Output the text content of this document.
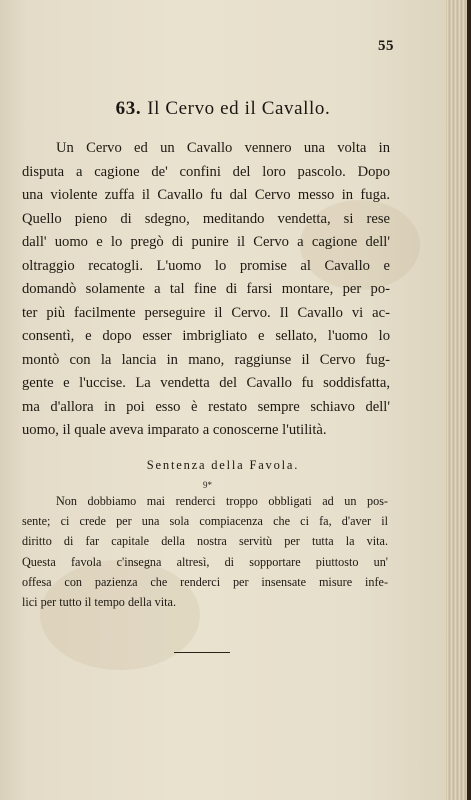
55
63. Il Cervo ed il Cavallo.
Un Cervo ed un Cavallo vennero una volta in
disputa a cagione de' confini del loro pascolo. Dopo
una violente zuffa il Cavallo fu dal Cervo messo in fuga.
Quello pieno di sdegno, meditando vendetta, si rese
dall' uomo e lo pregò di punire il Cervo a cagione dell'
oltraggio recatogli. L'uomo lo promise al Cavallo e
domandò solamente a tal fine di farsi montare, per po-
ter più facilmente perseguire il Cervo. Il Cavallo vi ac-
consentì, e dopo esser imbrigliato e sellato, l'uomo lo
montò con la lancia in mano, raggiunse il Cervo fug-
gente e l'uccise. La vendetta del Cavallo fu soddisfatta,
ma d'allora in poi esso è restato sempre schiavo dell'
uomo, il quale aveva imparato a conoscerne l'utilità.
Sentenza della Favola.
9*
Non dobbiamo mai renderci troppo obbligati ad un pos-
sente; ci crede per una sola compiacenza che ci fa, d'aver il
diritto di far capitale della nostra servitù per tutta la vita.
Questa favola c'insegna altresì, di sopportare piuttosto un'
offesa con pazienza che renderci per insensate misure infe-
lici per tutto il tempo della vita.
